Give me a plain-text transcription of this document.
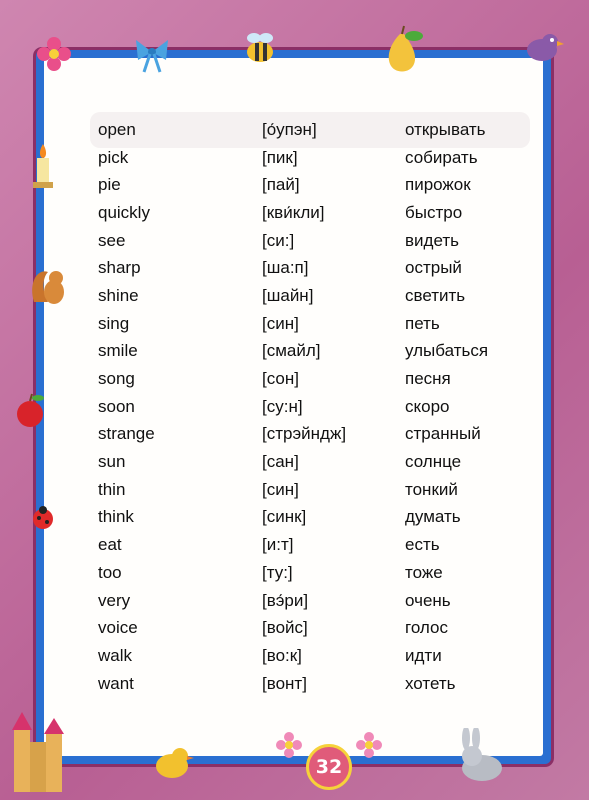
open	[о́упэн]	открывать
pick	[пик]	собирать
pie	[пай]	пирожок
quickly	[кви́кли]	быстро
see	[си:]	видеть
sharp	[ша:п]	острый
shine	[шайн]	светить
sing	[син]	петь
smile	[смайл]	улыбаться
song	[сон]	песня
soon	[су:н]	скоро
strange	[стрэйндж]	странный
sun	[сан]	солнце
thin	[син]	тонкий
think	[синк]	думать
eat	[и:т]	есть
too	[ту:]	тоже
very	[вэ́ри]	очень
voice	[войс]	голос
walk	[во:к]	идти
want	[вонт]	хотеть
32
